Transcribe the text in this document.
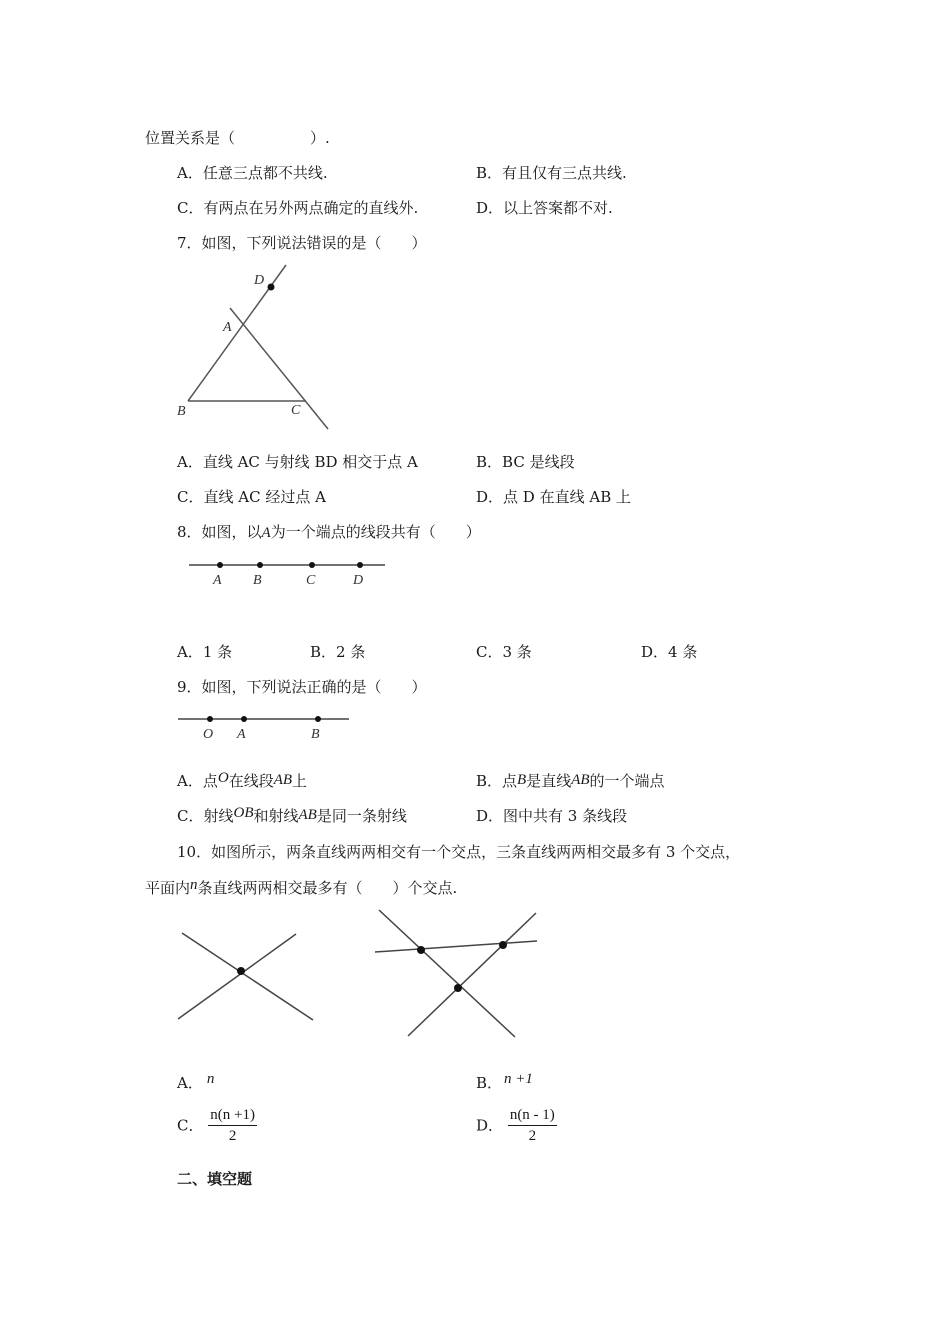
位置关系是（　　　　　）.
A．任意三点都不共线.	B．有且仅有三点共线.
C．有两点在另外两点确定的直线外.	D．以上答案都不对.
7．如图，下列说法错误的是（　　）
D
A
B	C
A．直线 AC 与射线 BD 相交于点 A	B．BC 是线段
C．直线 AC 经过点 A	D．点 D 在直线 AB 上
8．如图，以A为一个端点的线段共有（　　）
A B	C	D
A．1 条	B．2 条	C．3 条	D．4 条
9．如图，下列说法正确的是（　　）
O A	B
A．点O在线段AB上	B．点B是直线AB的一个端点
C．射线OB和射线AB是同一条射线	D．图中共有 3 条线段
10．如图所示，两条直线两两相交有一个交点，三条直线两两相交最多有 3 个交点，
平面内n条直线两两相交最多有（　　）个交点.
A． n	B． n +1
C． $\frac{n(n +1)}{2}$	D． $\frac{n(n - 1)}{2}$
二、填空题
